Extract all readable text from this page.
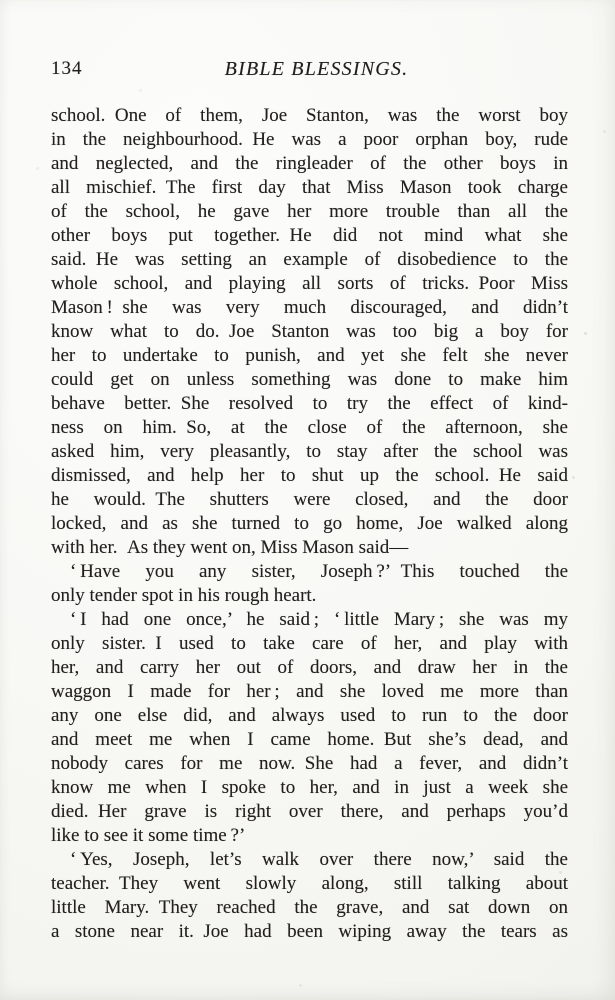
134	BIBLE BLESSINGS.
school. One of them, Joe Stanton, was the worst boy
in the neighbourhood. He was a poor orphan boy, rude
and neglected, and the ringleader of the other boys in
all mischief. The first day that Miss Mason took charge
of the school, he gave her more trouble than all the
other boys put together. He did not mind what she
said. He was setting an example of disobedience to the
whole school, and playing all sorts of tricks. Poor Miss
Mason ! she was very much discouraged, and didn’t
know what to do. Joe Stanton was too big a boy for
her to undertake to punish, and yet she felt she never
could get on unless something was done to make him
behave better. She resolved to try the effect of kind-
ness on him. So, at the close of the afternoon, she
asked him, very pleasantly, to stay after the school was
dismissed, and help her to shut up the school. He said
he would. The shutters were closed, and the door
locked, and as she turned to go home, Joe walked along
with her. As they went on, Miss Mason said—
‘ Have you any sister, Joseph ?’ This touched the
only tender spot in his rough heart.
‘ I had one once,’ he said ; ‘ little Mary ; she was my
only sister. I used to take care of her, and play with
her, and carry her out of doors, and draw her in the
waggon I made for her ; and she loved me more than
any one else did, and always used to run to the door
and meet me when I came home. But she’s dead, and
nobody cares for me now. She had a fever, and didn’t
know me when I spoke to her, and in just a week she
died. Her grave is right over there, and perhaps you’d
like to see it some time ?’
‘ Yes, Joseph, let’s walk over there now,’ said the
teacher. They went slowly along, still talking about
little Mary. They reached the grave, and sat down on
a stone near it. Joe had been wiping away the tears as
